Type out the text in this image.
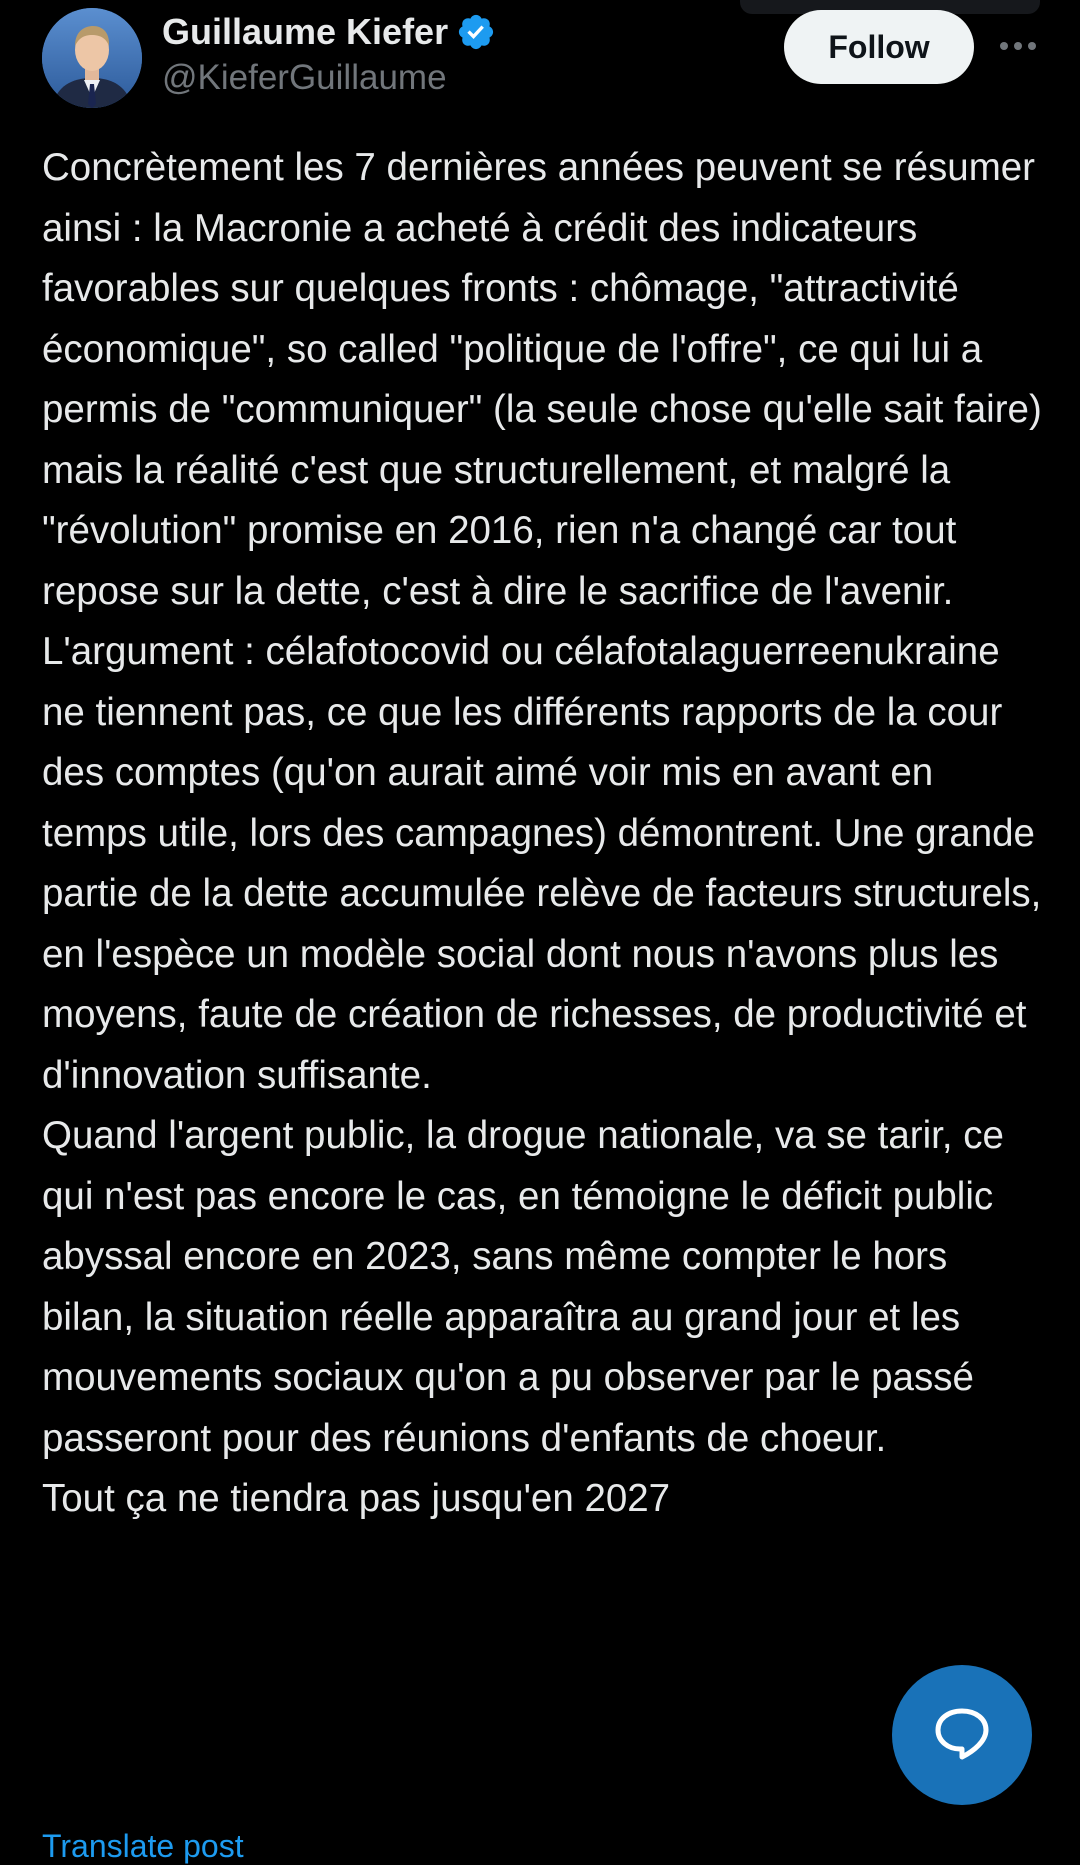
Guillaume Kiefer
@KieferGuillaume
Follow
Concrètement les 7 dernières années peuvent se résumer ainsi : la Macronie a acheté à crédit des indicateurs favorables sur quelques fronts : chômage, "attractivité économique", so called "politique de l'offre", ce qui lui a permis de "communiquer" (la seule chose qu'elle sait faire) mais la réalité c'est que structurellement, et malgré la "révolution" promise en 2016, rien n'a changé car tout repose sur la dette, c'est à dire le sacrifice de l'avenir.
L'argument : célafotocovid ou célafotalaguerreenukraine ne tiennent pas, ce que les différents rapports de la cour des comptes (qu'on aurait aimé voir mis en avant en temps utile, lors des campagnes) démontrent. Une grande partie de la dette accumulée relève de facteurs structurels, en l'espèce un modèle social dont nous n'avons plus les moyens, faute de création de richesses, de productivité et d'innovation suffisante.
Quand l'argent public, la drogue nationale, va se tarir, ce qui n'est pas encore le cas, en témoigne le déficit public abyssal encore en 2023, sans même compter le hors bilan, la situation réelle apparaîtra au grand jour et les mouvements sociaux qu'on a pu observer par le passé passeront pour des réunions d'enfants de choeur.
Tout ça ne tiendra pas jusqu'en 2027
Translate post
